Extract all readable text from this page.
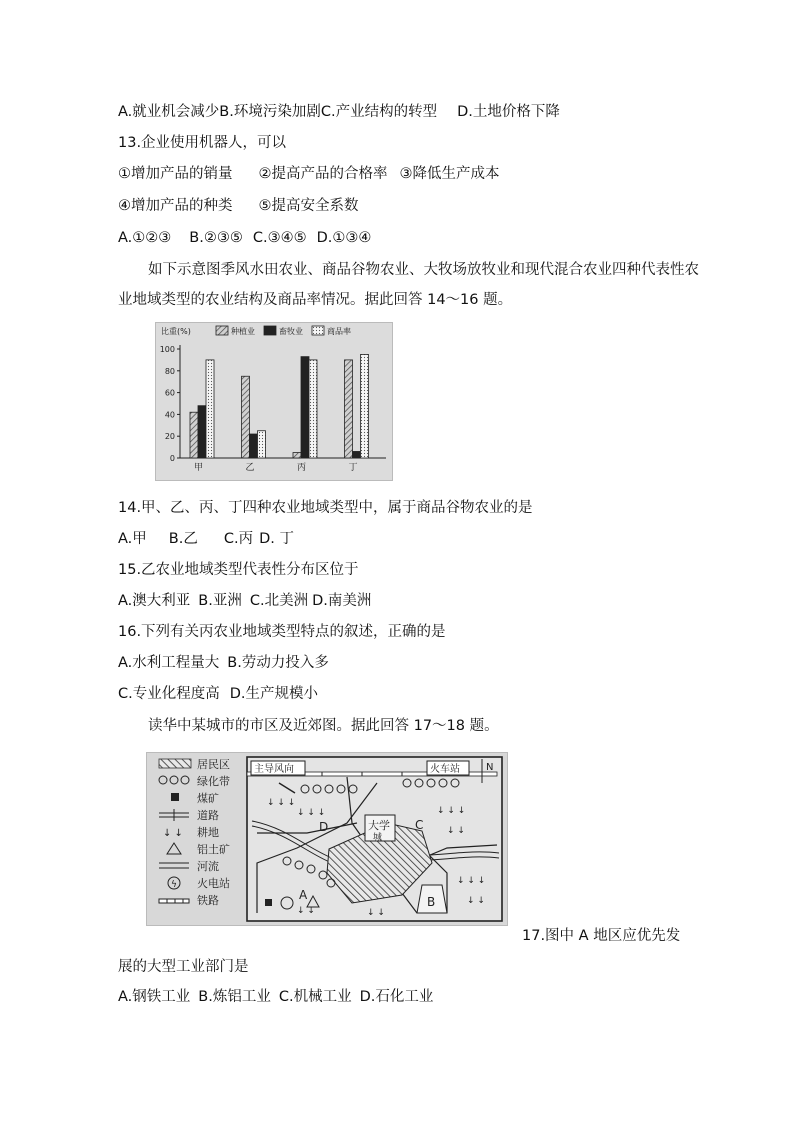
A.就业机会减少B.环境污染加剧C.产业结构的转型 D.土地价格下降
13.企业使用机器人，可以
①增加产品的销量 ②提高产品的合格率 ③降低生产成本
④增加产品的种类 ⑤提高安全系数
A.①②③ B.②③⑤ C.③④⑤ D.①③④
如下示意图季风水田农业、商品谷物农业、大牧场放牧业和现代混合农业四种代表性农
业地域类型的农业结构及商品率情况。据此回答 14～16 题。
比重(%)	种植业	畜牧业	商品率
0
20
40
60
80
100
甲	乙	丙	丁
14.甲、乙、丙、丁四种农业地域类型中，属于商品谷物农业的是
A.甲 B.乙 C.丙 D. 丁
15.乙农业地域类型代表性分布区位于
A.澳大利亚 B.亚洲 C.北美洲 D.南美洲
16.下列有关丙农业地域类型特点的叙述，正确的是
A.水利工程量大 B.劳动力投入多
C.专业化程度高 D.生产规模小
读华中某城市的市区及近郊图。据此回答 17～18 题。
居民区
绿化带
煤矿
道路
↓ ↓ 耕地
铝土矿
河流
ϟ 火电站
铁路
火车站	N
主导风向
大学
城
↓ ↓ ↓
↓ ↓ ↓	↓ ↓ ↓
↓ ↓
↓ ↓ ↓
↓ ↓
↓ ↓	↓ ↓
A	B
C
D
17.图中 A 地区应优先发
展的大型工业部门是
A.钢铁工业 B.炼铝工业 C.机械工业 D.石化工业
